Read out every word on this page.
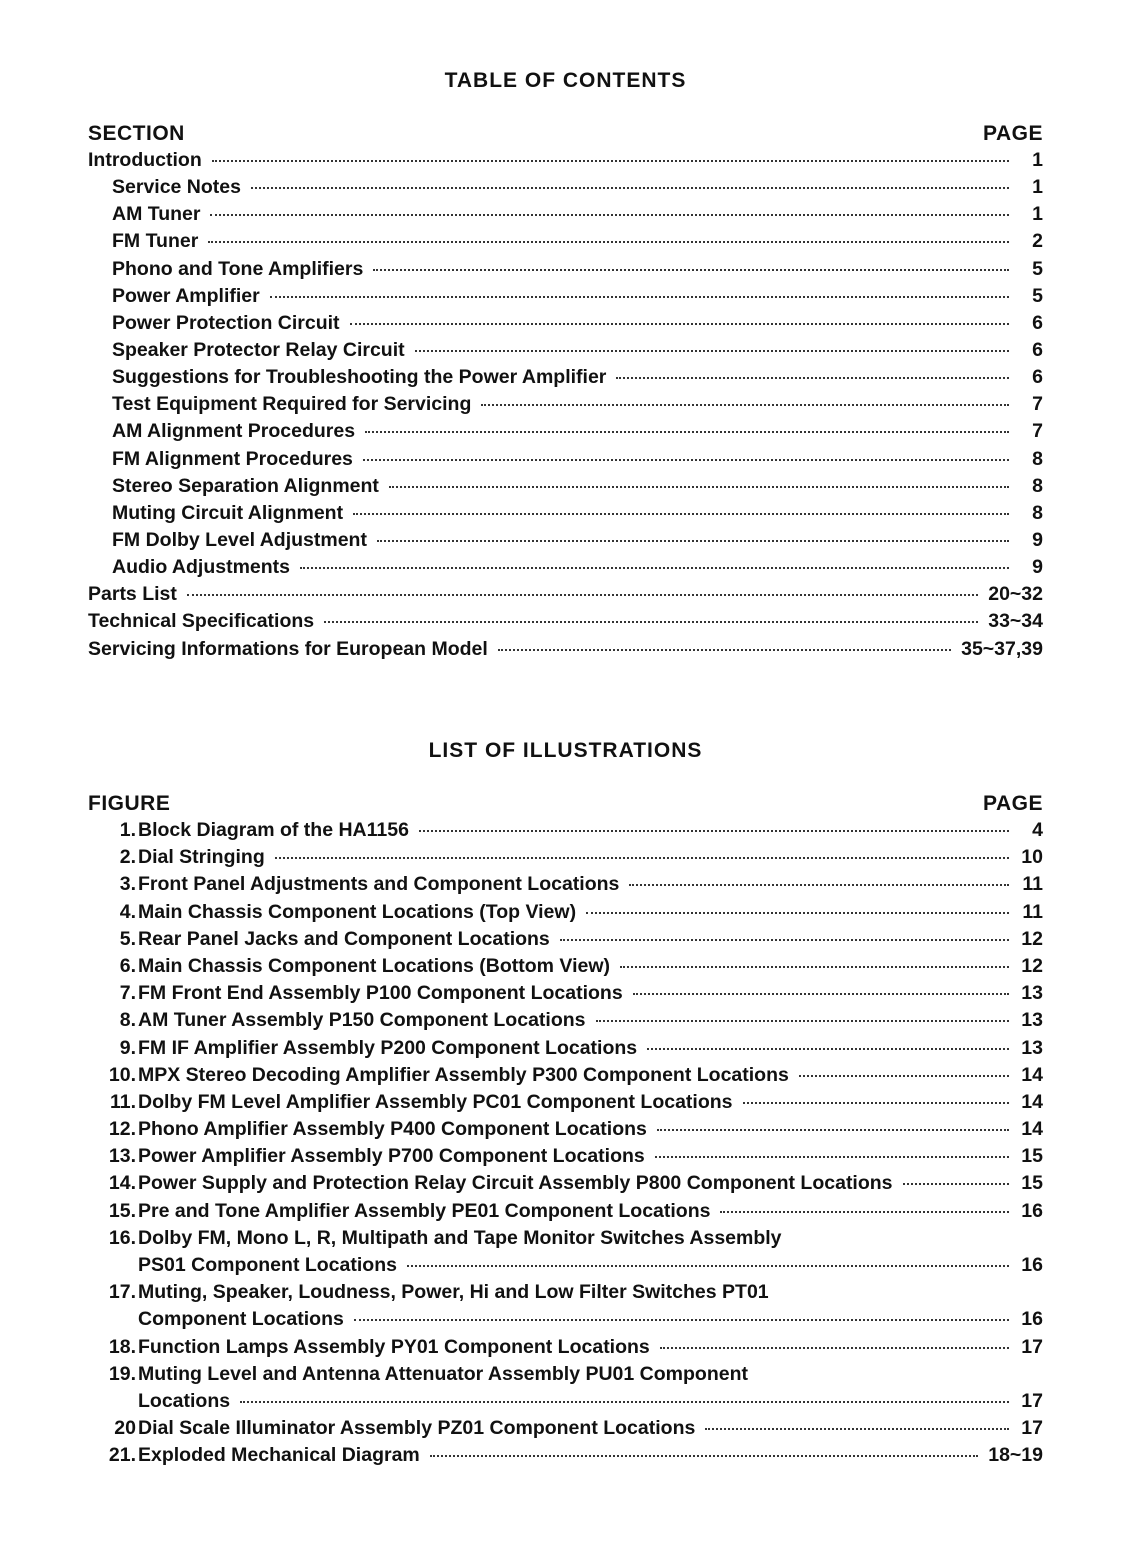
TABLE OF CONTENTS
SECTION	PAGE
Introduction	1
Service Notes	1
AM Tuner	1
FM Tuner	2
Phono and Tone Amplifiers	5
Power Amplifier	5
Power Protection Circuit	6
Speaker Protector Relay Circuit	6
Suggestions for Troubleshooting the Power Amplifier	6
Test Equipment Required for Servicing	7
AM Alignment Procedures	7
FM Alignment Procedures	8
Stereo Separation Alignment	8
Muting Circuit Alignment	8
FM Dolby Level Adjustment	9
Audio Adjustments	9
Parts List	20~32
Technical Specifications	33~34
Servicing Informations for European Model	35~37,39
LIST OF ILLUSTRATIONS
FIGURE	PAGE
1. Block Diagram of the HA1156	4
2. Dial Stringing	10
3. Front Panel Adjustments and Component Locations	11
4. Main Chassis Component Locations (Top View)	11
5. Rear Panel Jacks and Component Locations	12
6. Main Chassis Component Locations (Bottom View)	12
7. FM Front End Assembly P100 Component Locations	13
8. AM Tuner Assembly P150 Component Locations	13
9. FM IF Amplifier Assembly P200 Component Locations	13
10. MPX Stereo Decoding Amplifier Assembly P300 Component Locations	14
11. Dolby FM Level Amplifier Assembly PC01 Component Locations	14
12. Phono Amplifier Assembly P400 Component Locations	14
13. Power Amplifier Assembly P700 Component Locations	15
14. Power Supply and Protection Relay Circuit Assembly P800 Component Locations	15
15. Pre and Tone Amplifier Assembly PE01 Component Locations	16
16. Dolby FM, Mono L, R, Multipath and Tape Monitor Switches Assembly
PS01 Component Locations	16
17. Muting, Speaker, Loudness, Power, Hi and Low Filter Switches PT01
Component Locations	16
18. Function Lamps Assembly PY01 Component Locations	17
19. Muting Level and Antenna Attenuator Assembly PU01 Component
Locations	17
20 Dial Scale Illuminator Assembly PZ01 Component Locations	17
21. Exploded Mechanical Diagram	18~19
